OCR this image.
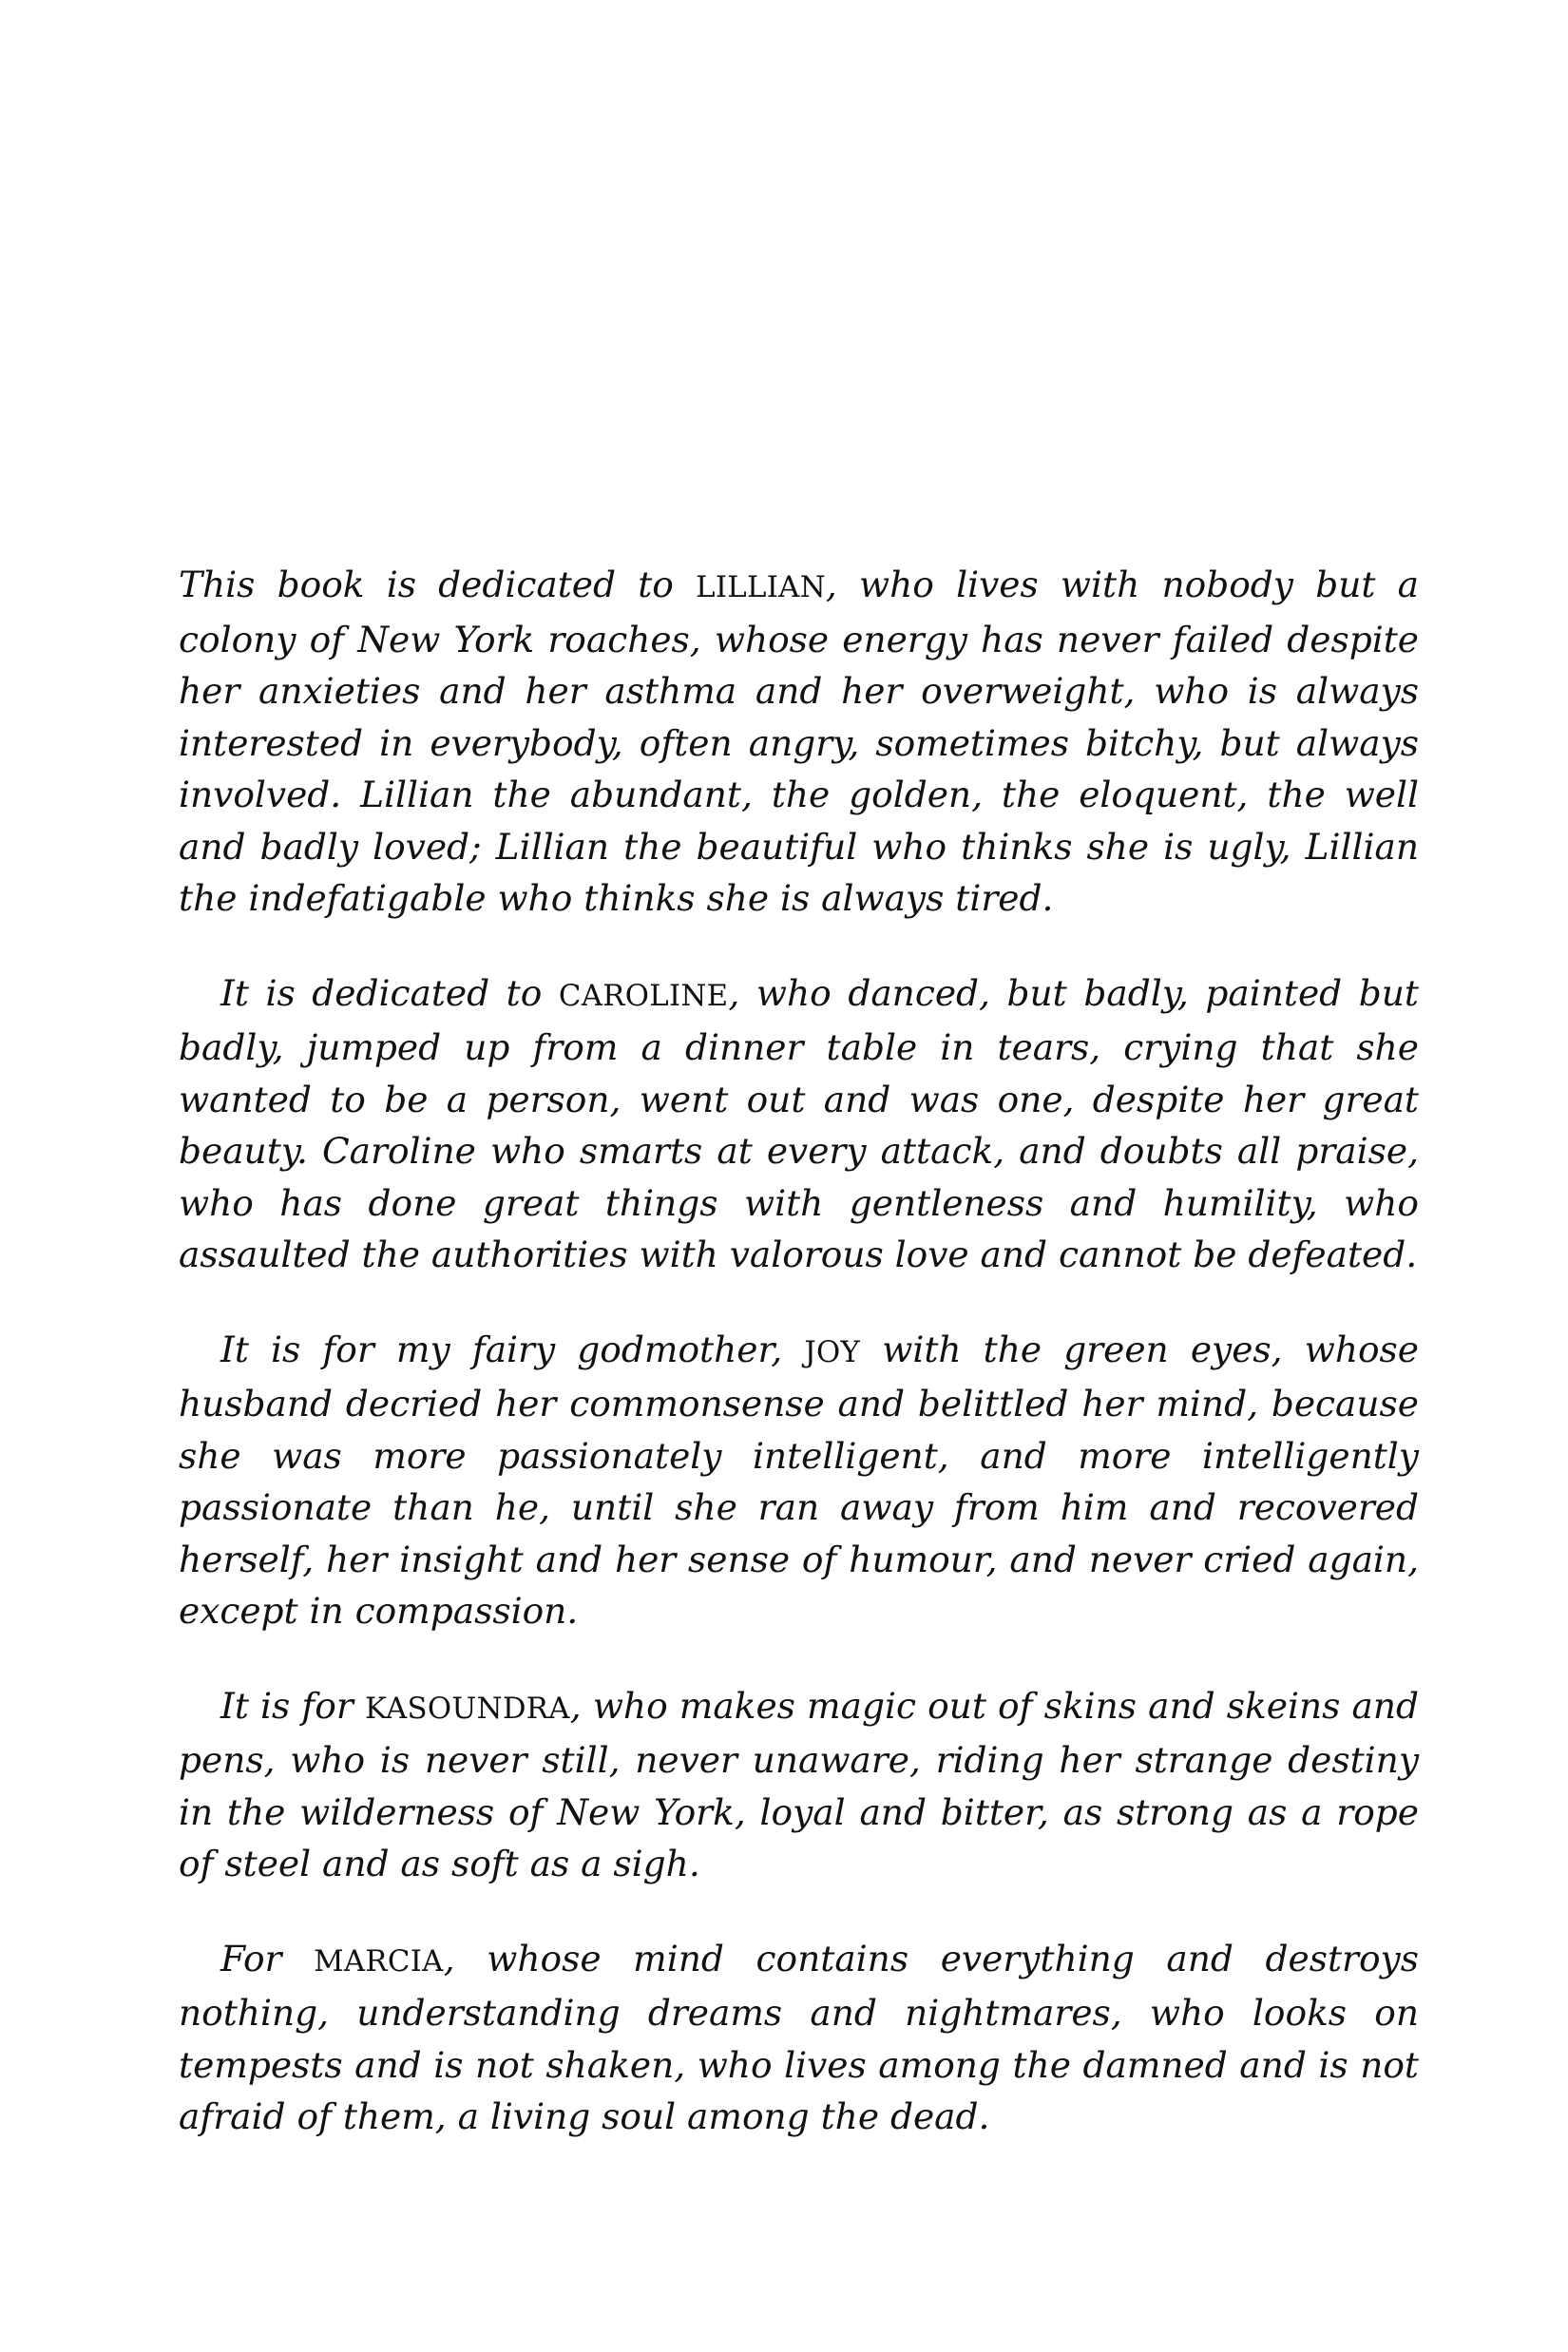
This book is dedicated to LILLIAN, who lives with nobody but a colony of New York roaches, whose energy has never failed despite her anxieties and her asthma and her overweight, who is always interested in everybody, often angry, sometimes bitchy, but always involved. Lillian the abundant, the golden, the eloquent, the well and badly loved; Lillian the beautiful who thinks she is ugly, Lillian the indefatigable who thinks she is always tired.

It is dedicated to CAROLINE, who danced, but badly, painted but badly, jumped up from a dinner table in tears, crying that she wanted to be a person, went out and was one, despite her great beauty. Caroline who smarts at every attack, and doubts all praise, who has done great things with gentleness and humility, who assaulted the authorities with valorous love and cannot be defeated.

It is for my fairy godmother, JOY with the green eyes, whose husband decried her commonsense and belittled her mind, because she was more passionately intelligent, and more intelligently passionate than he, until she ran away from him and recovered herself, her insight and her sense of humour, and never cried again, except in compassion.

It is for KASOUNDRA, who makes magic out of skins and skeins and pens, who is never still, never unaware, riding her strange destiny in the wilderness of New York, loyal and bitter, as strong as a rope of steel and as soft as a sigh.

For MARCIA, whose mind contains everything and destroys nothing, understanding dreams and nightmares, who looks on tempests and is not shaken, who lives among the damned and is not afraid of them, a living soul among the dead.
